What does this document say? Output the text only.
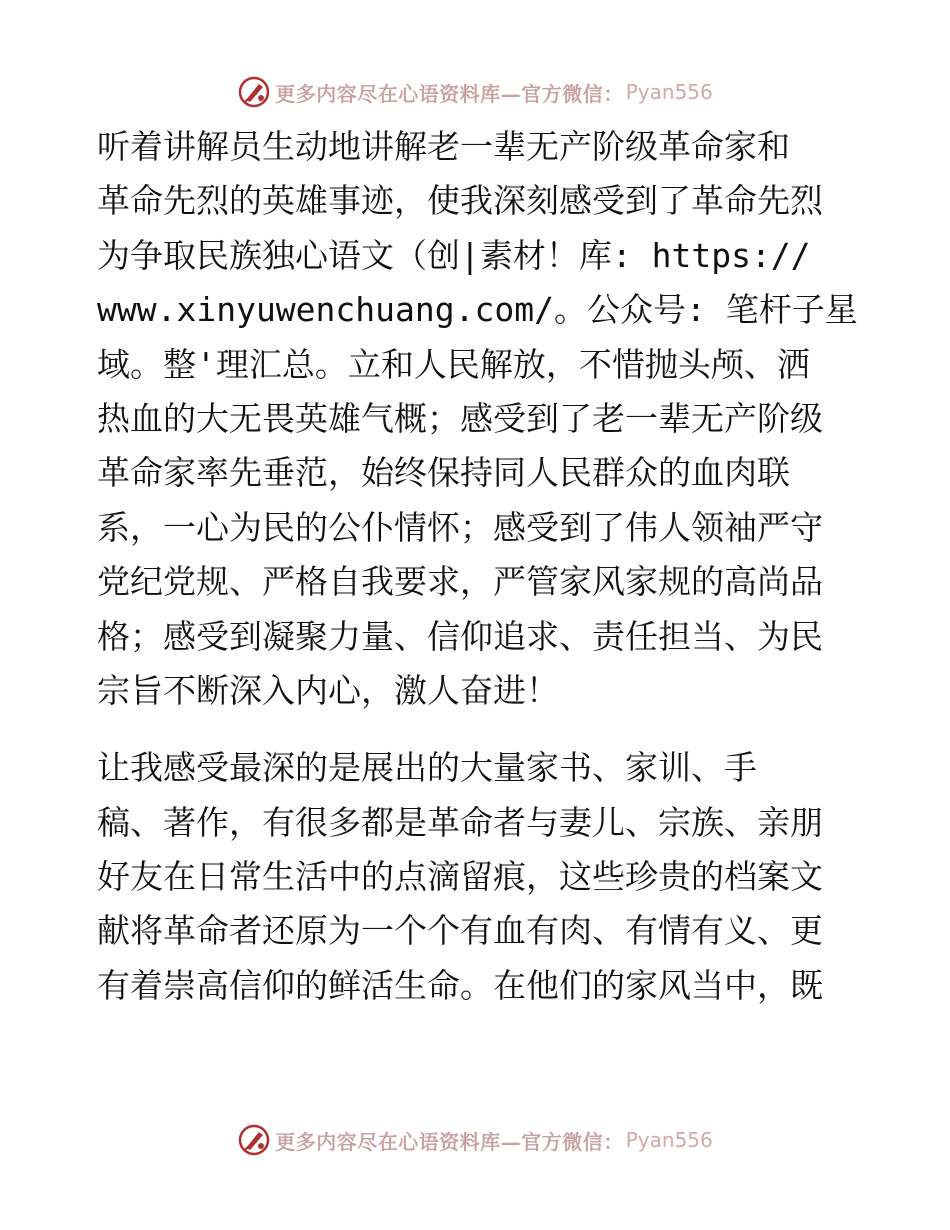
更多内容尽在心语资料库—官方微信： Pyan556

听着讲解员生动地讲解老一辈无产阶级革命家和
革命先烈的英雄事迹，使我深刻感受到了革命先烈
为争取民族独心语文（创|素材！库: https://
www.xinyuwenchuang.com/。公众号: 笔杆子星
域。整'理汇总。立和人民解放，不惜抛头颅、洒
热血的大无畏英雄气概；感受到了老一辈无产阶级
革命家率先垂范，始终保持同人民群众的血肉联
系，一心为民的公仆情怀；感受到了伟人领袖严守
党纪党规、严格自我要求，严管家风家规的高尚品
格；感受到凝聚力量、信仰追求、责任担当、为民
宗旨不断深入内心，激人奋进！

让我感受最深的是展出的大量家书、家训、手
稿、著作，有很多都是革命者与妻儿、宗族、亲朋
好友在日常生活中的点滴留痕，这些珍贵的档案文
献将革命者还原为一个个有血有肉、有情有义、更
有着崇高信仰的鲜活生命。在他们的家风当中，既

更多内容尽在心语资料库—官方微信： Pyan556
